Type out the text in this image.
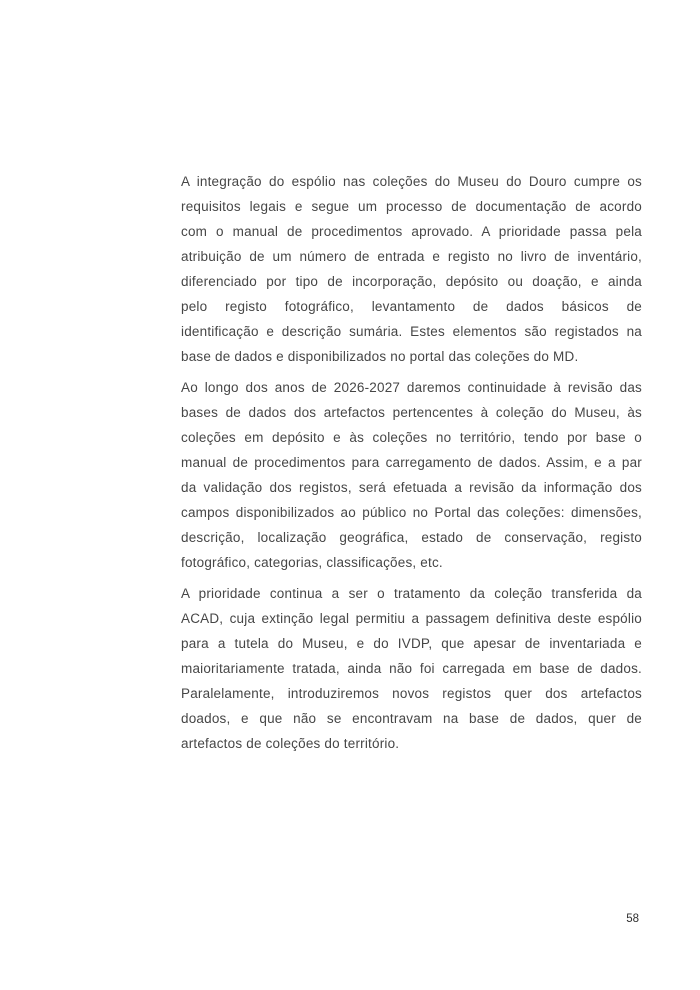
A integração do espólio nas coleções do Museu do Douro cumpre os
requisitos legais e segue um processo de documentação de acordo
com o manual de procedimentos aprovado. A prioridade passa pela
atribuição de um número de entrada e registo no livro de inventário,
diferenciado por tipo de incorporação, depósito ou doação, e ainda
pelo registo fotográfico, levantamento de dados básicos de
identificação e descrição sumária. Estes elementos são registados na
base de dados e disponibilizados no portal das coleções do MD.
Ao longo dos anos de 2026-2027 daremos continuidade à revisão das
bases de dados dos artefactos pertencentes à coleção do Museu, às
coleções em depósito e às coleções no território, tendo por base o
manual de procedimentos para carregamento de dados. Assim, e a par
da validação dos registos, será efetuada a revisão da informação dos
campos disponibilizados ao público no Portal das coleções: dimensões,
descrição, localização geográfica, estado de conservação, registo
fotográfico, categorias, classificações, etc.
A prioridade continua a ser o tratamento da coleção transferida da
ACAD, cuja extinção legal permitiu a passagem definitiva deste espólio
para a tutela do Museu, e do IVDP, que apesar de inventariada e
maioritariamente tratada, ainda não foi carregada em base de dados.
Paralelamente, introduziremos novos registos quer dos artefactos
doados, e que não se encontravam na base de dados, quer de
artefactos de coleções do território.
58
